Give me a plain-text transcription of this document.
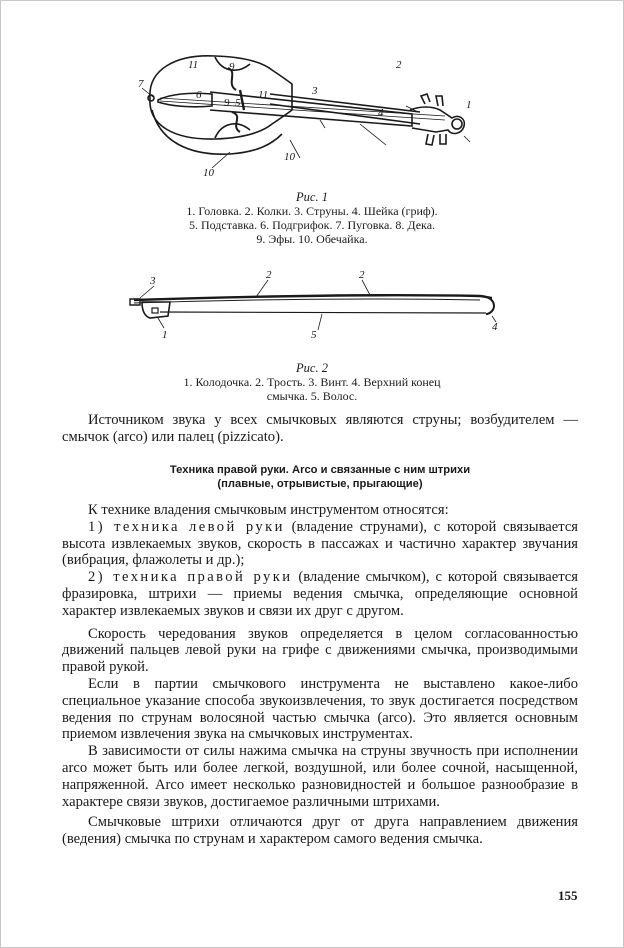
11
7
6
9 5
11	3
4
2
1
9
10
10
Рис. 1
1. Головка. 2. Колки. 3. Струны. 4. Шейка (гриф).
5. Подставка. 6. Подгрифок. 7. Пуговка. 8. Дека.
9. Эфы. 10. Обечайка.
3	2	2
1
4
5
Рис. 2
1. Колодочка. 2. Трость. 3. Винт. 4. Верхний конец
смычка. 5. Волос.

Источником звука у всех смычковых являются струны; возбудителем — смычок (arco) или палец (pizzicato).

Техника правой руки. Arco и связанные с ним штрихи
(плавные, отрывистые, прыгающие)

К технике владения смычковым инструментом относятся:

1) техника левой руки (владение струнами), с которой связывается высота извлекаемых звуков, скорость в пассажах и частично характер звучания (вибрация, флажолеты и др.);

2) техника правой руки (владение смычком), с которой связывается фразировка, штрихи — приемы ведения смычка, определяющие основной характер извлекаемых звуков и связи их друг с другом.

Скорость чередования звуков определяется в целом согласованностью движений пальцев левой руки на грифе с движениями смычка, производимыми правой рукой.

Если в партии смычкового инструмента не выставлено какое-либо специальное указание способа звукоизвлечения, то звук достигается посредством ведения по струнам волосяной частью смычка (arco). Это является основным приемом извлечения звука на смычковых инструментах.

В зависимости от силы нажима смычка на струны звучность при исполнении arco может быть или более легкой, воздушной, или более сочной, насыщенной, напряженной. Arco имеет несколько разновидностей и большое разнообразие в характере связи звуков, достигаемое различными штрихами.

Смычковые штрихи отличаются друг от друга направлением движения (ведения) смычка по струнам и характером самого ведения смычка.

155
